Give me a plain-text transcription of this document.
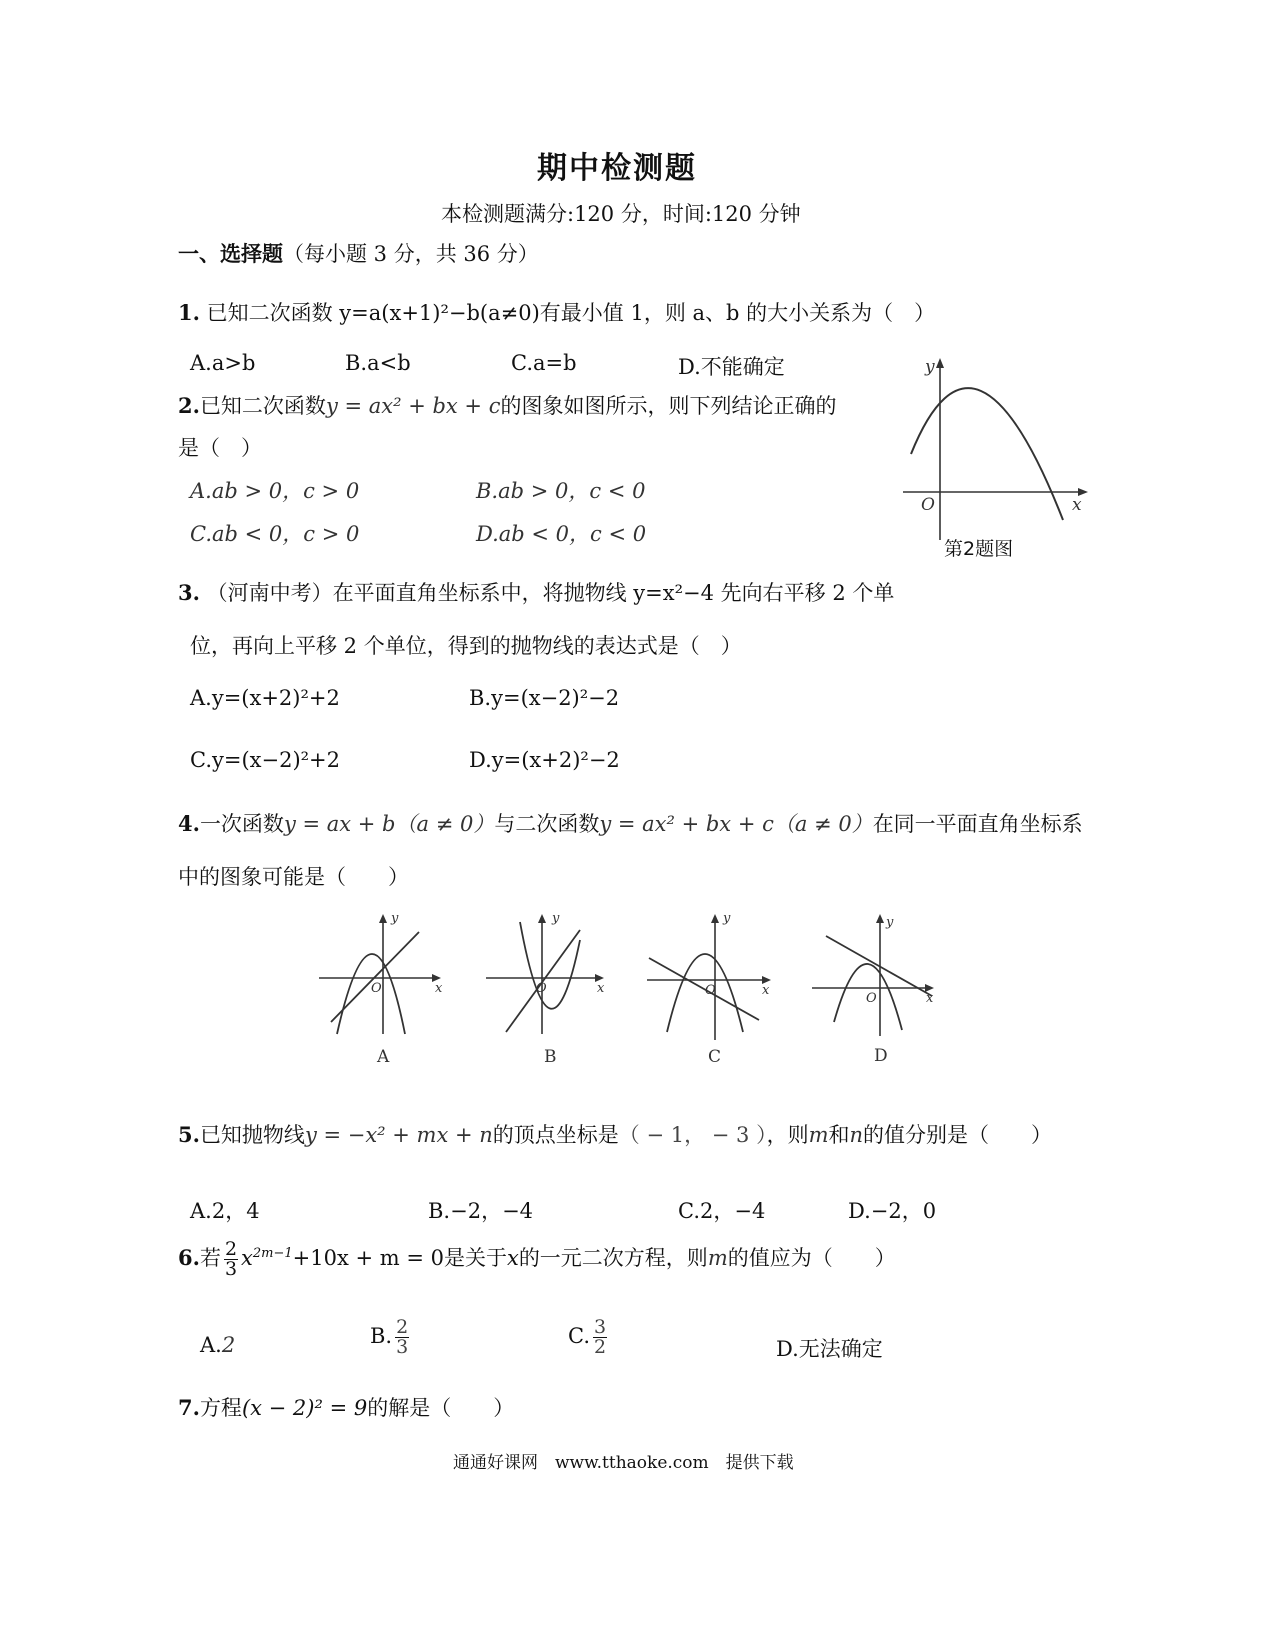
期中检测题
本检测题满分:120 分，时间:120 分钟
一、选择题（每小题 3 分，共 36 分）
1. 已知二次函数 y=a(x+1)²−b(a≠0)有最小值 1，则 a、b 的大小关系为（　）
A.a>b	B.a<b	C.a=b	D.不能确定
2.已知二次函数y = ax² + bx + c的图象如图所示，则下列结论正确的
是（　）
A.ab > 0，c > 0	B.ab > 0，c < 0
C.ab < 0，c > 0	D.ab < 0，c < 0
y
x
O
第2题图
3. （河南中考）在平面直角坐标系中，将抛物线 y=x²−4 先向右平移 2 个单
位，再向上平移 2 个单位，得到的抛物线的表达式是（　）
A.y=(x+2)²+2	B.y=(x−2)²−2
C.y=(x−2)²+2	D.y=(x+2)²−2
4.一次函数y = ax + b（a ≠ 0）与二次函数y = ax² + bx + c（a ≠ 0）在同一平面直角坐标系
中的图象可能是（　　）
y
x
O
A
y
x
O
B
y
x
O
C
y
x
O
D
5.已知抛物线y = −x² + mx + n的顶点坐标是（ − 1， − 3 ），则m和n的值分别是（　　）
A.2，4	B.−2，−4	C.2，−4	D.−2，0
6.若 $\frac{2}{3} x^{2m-1}+10x + m = 0$是关于x的一元二次方程，则m的值应为（　　）
A.2	B. $\frac{2}{3}$	C. $\frac{3}{2}$	D.无法确定
7.方程(x − 2)² = 9的解是（　　）
通通好课网　www.tthaoke.com　提供下载
